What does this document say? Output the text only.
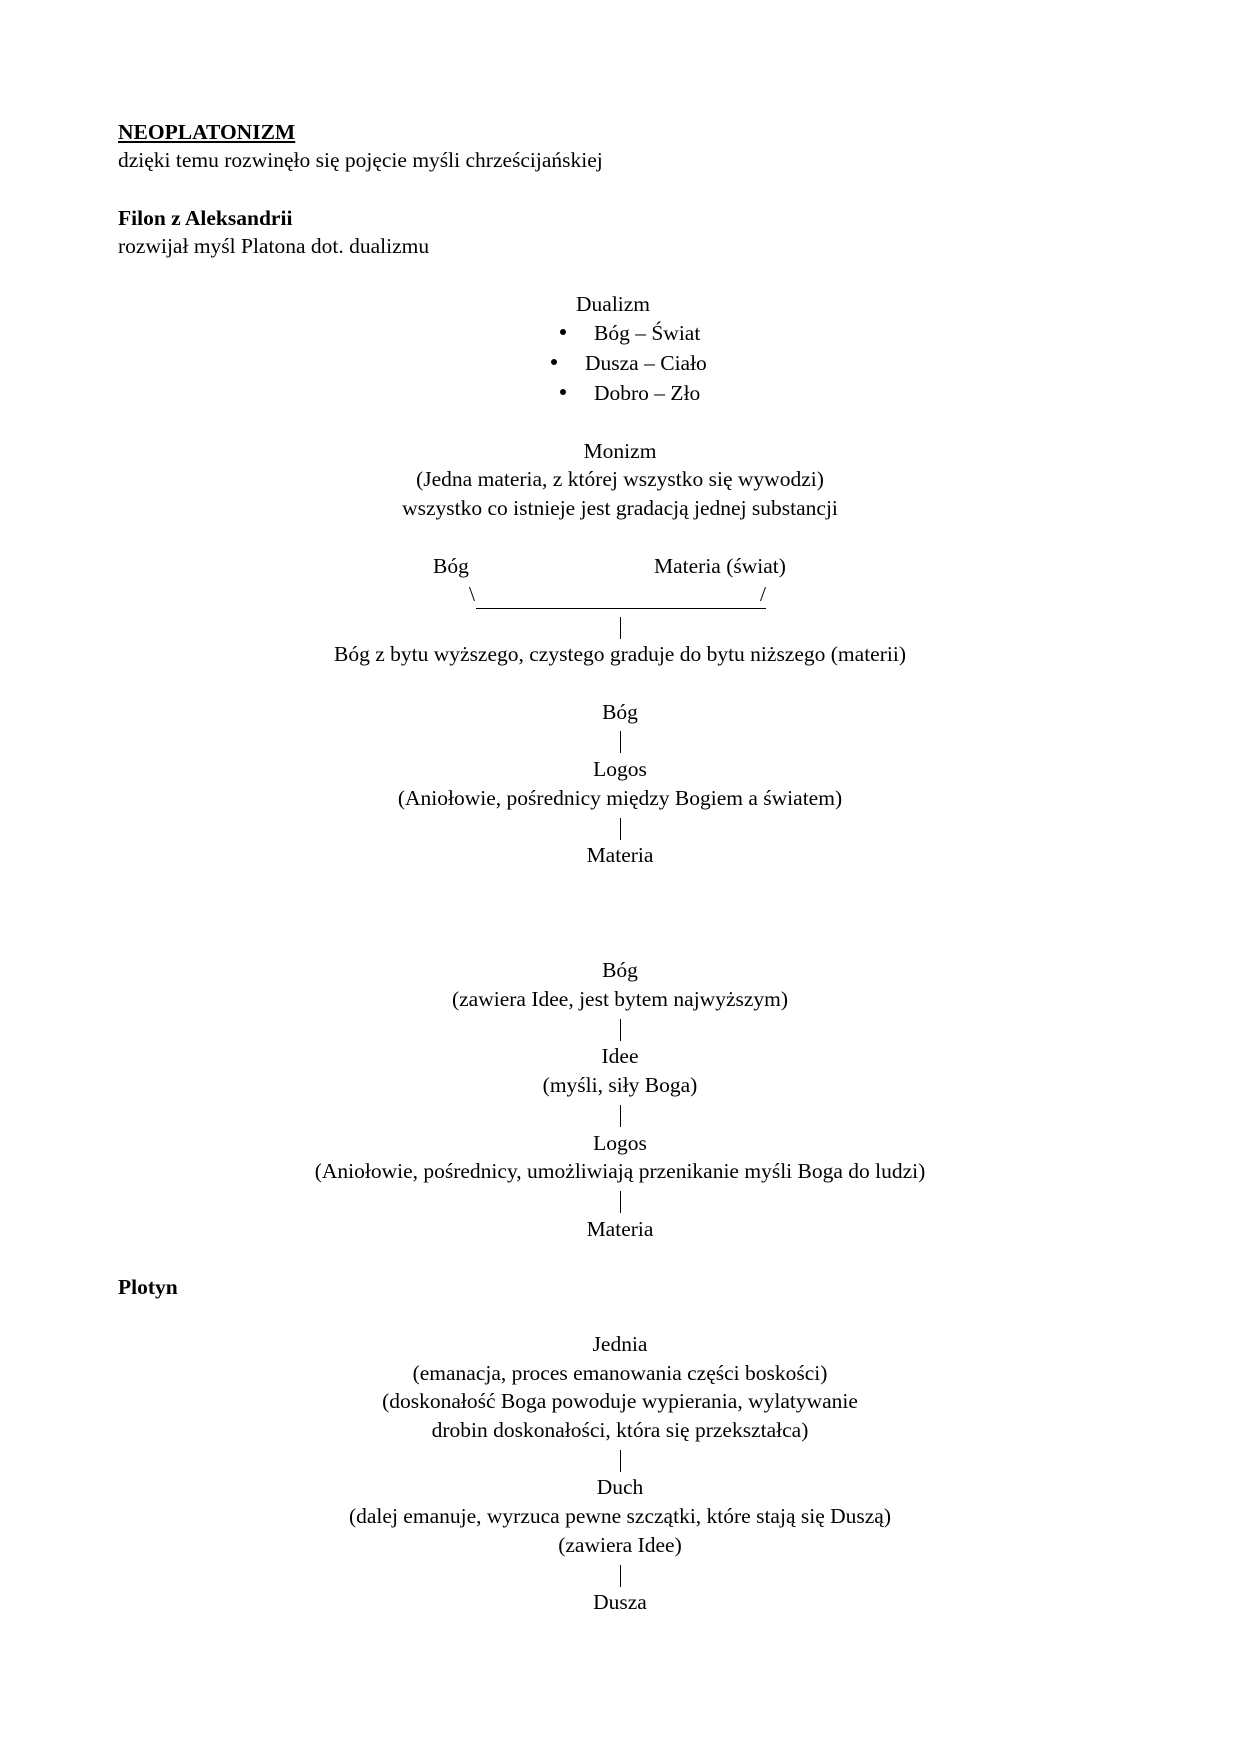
NEOPLATONIZM
dzięki temu rozwinęło się pojęcie myśli chrześcijańskiej
Filon z Aleksandrii
rozwijał myśl Platona dot. dualizmu
Dualizm
Bóg – Świat
Dusza – Ciało
Dobro – Zło
Monizm
(Jedna materia, z której wszystko się wywodzi)
wszystko co istnieje jest gradacją jednej substancji
Bóg	Materia (świat)
\	/
Bóg z bytu wyższego, czystego graduje do bytu niższego (materii)
Bóg
Logos
(Aniołowie, pośrednicy między Bogiem a światem)
Materia
Bóg
(zawiera Idee, jest bytem najwyższym)
Idee
(myśli, siły Boga)
Logos
(Aniołowie, pośrednicy, umożliwiają przenikanie myśli Boga do ludzi)
Materia
Plotyn
Jednia
(emanacja, proces emanowania części boskości)
(doskonałość Boga powoduje wypierania, wylatywanie
drobin doskonałości, która się przekształca)
Duch
(dalej emanuje, wyrzuca pewne szczątki, które stają się Duszą)
(zawiera Idee)
Dusza
